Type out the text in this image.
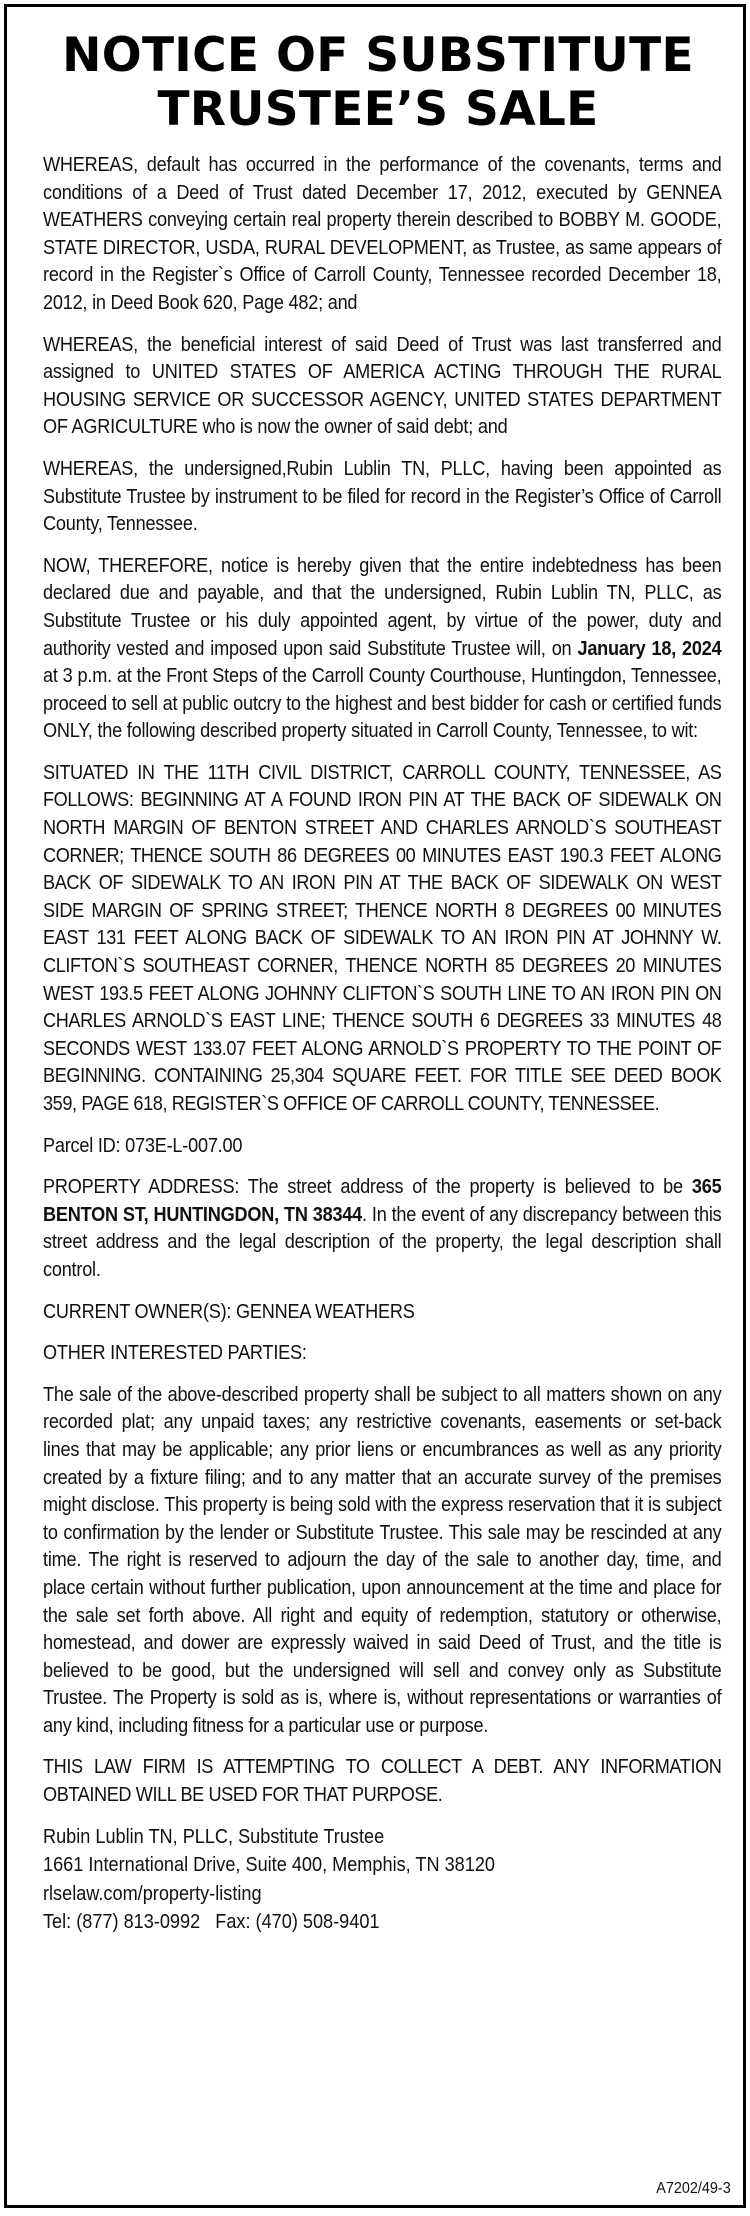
NOTICE OF SUBSTITUTE
TRUSTEE’S SALE

WHEREAS, default has occurred in the performance of the covenants, terms and conditions of a Deed of Trust dated December 17, 2012, executed by GENNEA WEATHERS conveying certain real property therein described to BOBBY M. GOODE, STATE DIRECTOR, USDA, RURAL DEVELOPMENT, as Trustee, as same appears of record in the Register`s Office of Carroll County, Tennessee recorded December 18, 2012, in Deed Book 620, Page 482; and

WHEREAS, the beneficial interest of said Deed of Trust was last transferred and assigned to UNITED STATES OF AMERICA ACTING THROUGH THE RURAL HOUSING SERVICE OR SUCCESSOR AGENCY, UNITED STATES DEPARTMENT OF AGRICULTURE who is now the owner of said debt; and

WHEREAS, the undersigned,Rubin Lublin TN, PLLC, having been appointed as Substitute Trustee by instrument to be filed for record in the Register’s Office of Carroll County, Tennessee.

NOW, THEREFORE, notice is hereby given that the entire indebtedness has been declared due and payable, and that the undersigned, Rubin Lublin TN, PLLC, as Substitute Trustee or his duly appointed agent, by virtue of the power, duty and authority vested and imposed upon said Substitute Trustee will, on January 18, 2024 at 3 p.m. at the Front Steps of the Carroll County Courthouse, Huntingdon, Tennessee, proceed to sell at public outcry to the highest and best bidder for cash or certified funds ONLY, the following described property situated in Carroll County, Tennessee, to wit:

SITUATED IN THE 11TH CIVIL DISTRICT, CARROLL COUNTY, TENNESSEE, AS FOLLOWS: BEGINNING AT A FOUND IRON PIN AT THE BACK OF SIDEWALK ON NORTH MARGIN OF BENTON STREET AND CHARLES ARNOLD`S SOUTHEAST CORNER; THENCE SOUTH 86 DEGREES 00 MINUTES EAST 190.3 FEET ALONG BACK OF SIDEWALK TO AN IRON PIN AT THE BACK OF SIDEWALK ON WEST SIDE MARGIN OF SPRING STREET; THENCE NORTH 8 DEGREES 00 MINUTES EAST 131 FEET ALONG BACK OF SIDEWALK TO AN IRON PIN AT JOHNNY W. CLIFTON`S SOUTHEAST CORNER, THENCE NORTH 85 DEGREES 20 MINUTES WEST 193.5 FEET ALONG JOHNNY CLIFTON`S SOUTH LINE TO AN IRON PIN ON CHARLES ARNOLD`S EAST LINE; THENCE SOUTH 6 DEGREES 33 MINUTES 48 SECONDS WEST 133.07 FEET ALONG ARNOLD`S PROPERTY TO THE POINT OF BEGINNING. CONTAINING 25,304 SQUARE FEET. FOR TITLE SEE DEED BOOK 359, PAGE 618, REGISTER`S OFFICE OF CARROLL COUNTY, TENNESSEE.

Parcel ID: 073E-L-007.00

PROPERTY ADDRESS: The street address of the property is believed to be 365 BENTON ST, HUNTINGDON, TN 38344. In the event of any discrepancy between this street address and the legal description of the property, the legal description shall control.

CURRENT OWNER(S): GENNEA WEATHERS

OTHER INTERESTED PARTIES:

The sale of the above-described property shall be subject to all matters shown on any recorded plat; any unpaid taxes; any restrictive covenants, easements or set-back lines that may be applicable; any prior liens or encumbrances as well as any priority created by a fixture filing; and to any matter that an accurate survey of the premises might disclose. This property is being sold with the express reservation that it is subject to confirmation by the lender or Substitute Trustee. This sale may be rescinded at any time. The right is reserved to adjourn the day of the sale to another day, time, and place certain without further publication, upon announcement at the time and place for the sale set forth above. All right and equity of redemption, statutory or otherwise, homestead, and dower are expressly waived in said Deed of Trust, and the title is believed to be good, but the undersigned will sell and convey only as Substitute Trustee. The Property is sold as is, where is, without representations or warranties of any kind, including fitness for a particular use or purpose.

THIS LAW FIRM IS ATTEMPTING TO COLLECT A DEBT. ANY INFORMATION OBTAINED WILL BE USED FOR THAT PURPOSE.

Rubin Lublin TN, PLLC, Substitute Trustee
1661 International Drive, Suite 400, Memphis, TN 38120
rlselaw.com/property-listing
Tel: (877) 813-0992   Fax: (470) 508-9401
A7202/49-3
